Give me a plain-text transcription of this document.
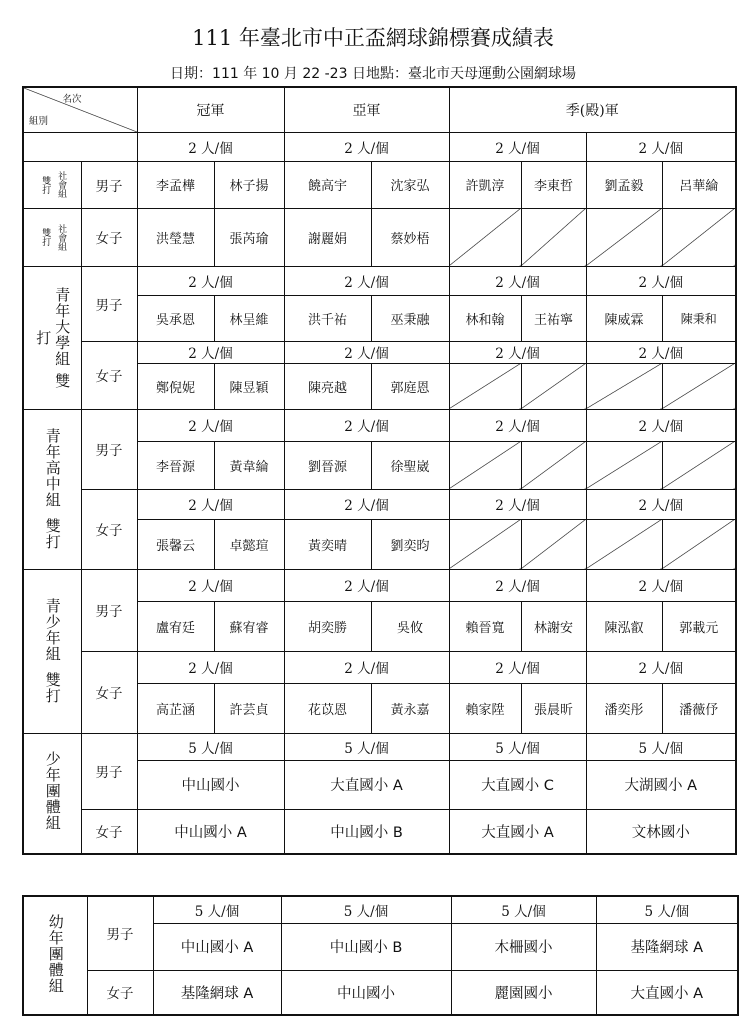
111 年臺北市中正盃網球錦標賽成績表
日期：111 年 10 月 22 -23 日地點：臺北市天母運動公園網球場
名次
組別		冠軍		亞軍		季(殿)軍			
		2 人/個		2 人/個		2 人/個		2 人/個	

雙打 社會組	男子	李孟樺	林子揚	饒高宇	沈家弘	許凱淳	李東哲	劉孟毅	呂華綸

雙打 社會組	女子	洪瑩慧	張芮瑜	謝麗娟	蔡妙梧				

打 青年大學組
雙	男子	2 人/個		2 人/個		2 人/個		2 人/個	
		吳承恩	林呈維	洪千祐	巫秉融	林和翰	王祐寧	陳威霖	陳秉和
	女子	2 人/個		2 人/個		2 人/個		2 人/個	
		鄭倪妮	陳昱穎	陳亮越	郭庭恩				

青年高中組
雙打	男子	2 人/個		2 人/個		2 人/個		2 人/個	
		李晉源	黃韋綸	劉晉源	徐聖崴				
	女子	2 人/個		2 人/個		2 人/個		2 人/個	
		張馨云	卓懿瑄	黃奕晴	劉奕昀				

青少年組
雙打	男子	2 人/個		2 人/個		2 人/個		2 人/個	
		盧宥廷	蘇宥睿	胡奕勝	吳攸	賴晉寬	林謝安	陳泓叡	郭載元
	女子	2 人/個		2 人/個		2 人/個		2 人/個	
		高芷涵	許芸貞	花苡恩	黃永嘉	賴家陞	張晨昕	潘奕彤	潘薇伃
少年團體組	男子	5 人/個		5 人/個		5 人/個		5 人/個	
		中山國小		大直國小 A		大直國小 C		大湖國小 A	

	女子	中山國小 A		中山國小 B		大直國小 A		文林國小	
幼年團體組	男子	5 人/個	5 人/個	5 人/個	5 人/個
		中山國小 A	中山國小 B	木柵國小	基隆網球 A
	女子	基隆網球 A	中山國小	麗園國小	大直國小 A
